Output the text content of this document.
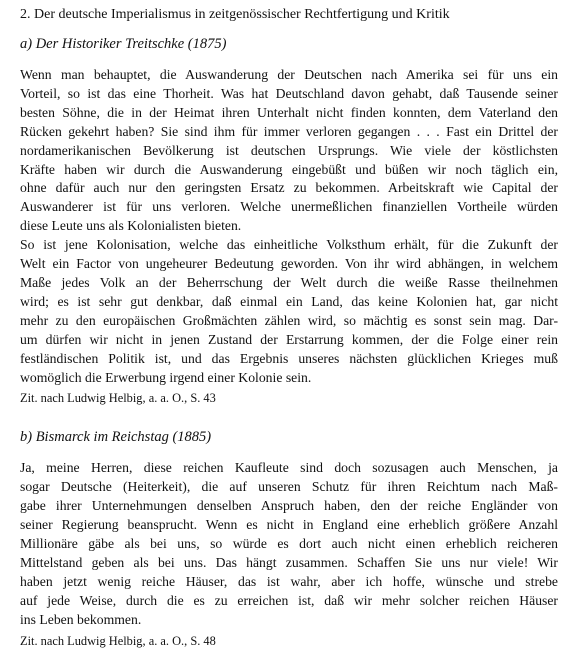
2. Der deutsche Imperialismus in zeitgenössischer Rechtfertigung und Kritik
a) Der Historiker Treitschke (1875)

Wenn man behauptet, die Auswanderung der Deutschen nach Amerika sei für uns ein
Vorteil, so ist das eine Thorheit. Was hat Deutschland davon gehabt, daß Tausende seiner
besten Söhne, die in der Heimat ihren Unterhalt nicht finden konnten, dem Vaterland den
Rücken gekehrt haben? Sie sind ihm für immer verloren gegangen . . . Fast ein Drittel der
nordamerikanischen Bevölkerung ist deutschen Ursprungs. Wie viele der köstlichsten
Kräfte haben wir durch die Auswanderung eingebüßt und büßen wir noch täglich ein,
ohne dafür auch nur den geringsten Ersatz zu bekommen. Arbeitskraft wie Capital der
Auswanderer ist für uns verloren. Welche unermeßlichen finanziellen Vortheile würden
diese Leute uns als Kolonialisten bieten.

So ist jene Kolonisation, welche das einheitliche Volksthum erhält, für die Zukunft der
Welt ein Factor von ungeheurer Bedeutung geworden. Von ihr wird abhängen, in welchem
Maße jedes Volk an der Beherrschung der Welt durch die weiße Rasse theilnehmen
wird; es ist sehr gut denkbar, daß einmal ein Land, das keine Kolonien hat, gar nicht
mehr zu den europäischen Großmächten zählen wird, so mächtig es sonst sein mag. Dar-
um dürfen wir nicht in jenen Zustand der Erstarrung kommen, der die Folge einer rein
festländischen Politik ist, und das Ergebnis unseres nächsten glücklichen Krieges muß
womöglich die Erwerbung irgend einer Kolonie sein.

Zit. nach Ludwig Helbig, a. a. O., S. 43
b) Bismarck im Reichstag (1885)

Ja, meine Herren, diese reichen Kaufleute sind doch sozusagen auch Menschen, ja
sogar Deutsche (Heiterkeit), die auf unseren Schutz für ihren Reichtum nach Maß-
gabe ihrer Unternehmungen denselben Anspruch haben, den der reiche Engländer von
seiner Regierung beansprucht. Wenn es nicht in England eine erheblich größere Anzahl
Millionäre gäbe als bei uns, so würde es dort auch nicht einen erheblich reicheren
Mittelstand geben als bei uns. Das hängt zusammen. Schaffen Sie uns nur viele! Wir
haben jetzt wenig reiche Häuser, das ist wahr, aber ich hoffe, wünsche und strebe
auf jede Weise, durch die es zu erreichen ist, daß wir mehr solcher reichen Häuser
ins Leben bekommen.

Zit. nach Ludwig Helbig, a. a. O., S. 48
